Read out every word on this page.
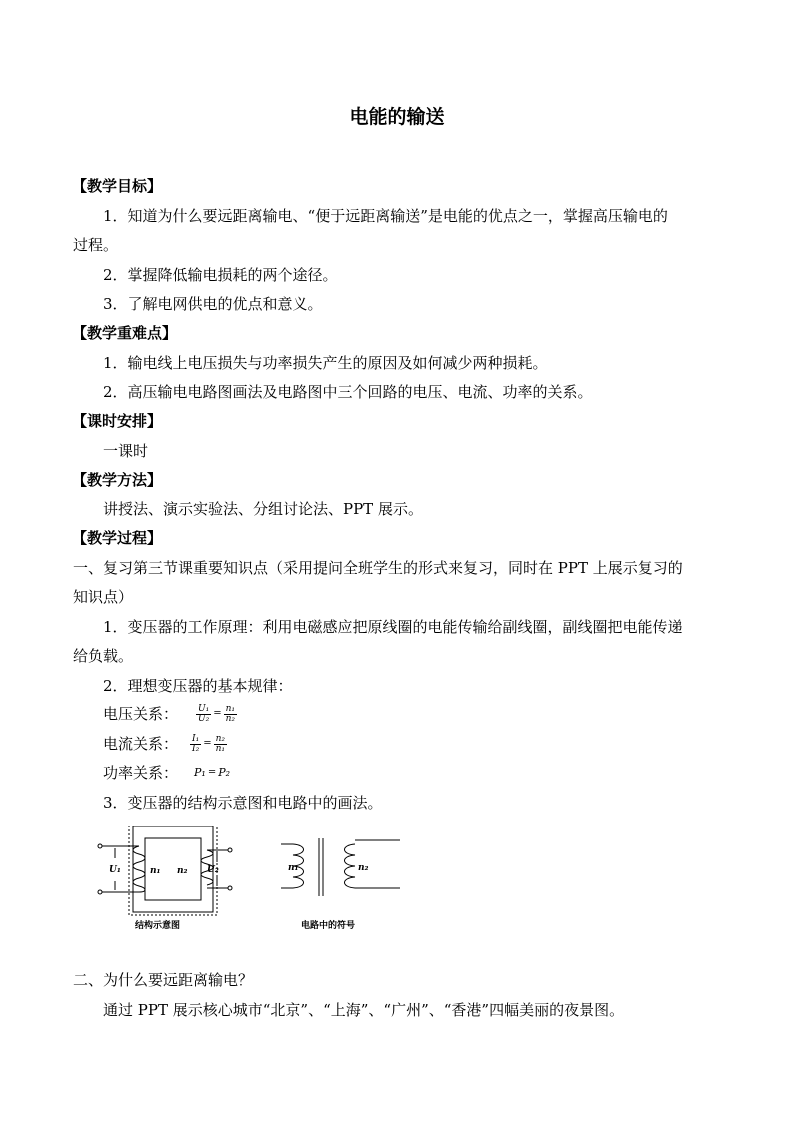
电能的输送
【教学目标】
1．知道为什么要远距离输电、“便于远距离输送”是电能的优点之一，掌握高压输电的
过程。
2．掌握降低输电损耗的两个途径。
3．了解电网供电的优点和意义。
【教学重难点】
1．输电线上电压损失与功率损失产生的原因及如何减少两种损耗。
2．高压输电电路图画法及电路图中三个回路的电压、电流、功率的关系。
【课时安排】
一课时
【教学方法】
讲授法、演示实验法、分组讨论法、PPT 展示。
【教学过程】
一、复习第三节课重要知识点（采用提问全班学生的形式来复习，同时在 PPT 上展示复习的
知识点）
1．变压器的工作原理：利用电磁感应把原线圈的电能传输给副线圈，副线圈把电能传递
给负载。
2．理想变压器的基本规律：
电压关系： $\frac{\text{U₁}}{\text{U₂}} = \frac{\text{n₁}}{\text{n₂}}$
电流关系： $\frac{\text{I₁}}{\text{I₂}} = \frac{\text{n₂}}{\text{n₁}}$
功率关系： P₁ = P₂
3．变压器的结构示意图和电路中的画法。
U₁	n₁ n₂ U₂	n₁	n₂
结构示意图	电路中的符号
二、为什么要远距离输电？
通过 PPT 展示核心城市“北京”、“上海”、“广州”、“香港”四幅美丽的夜景图。
